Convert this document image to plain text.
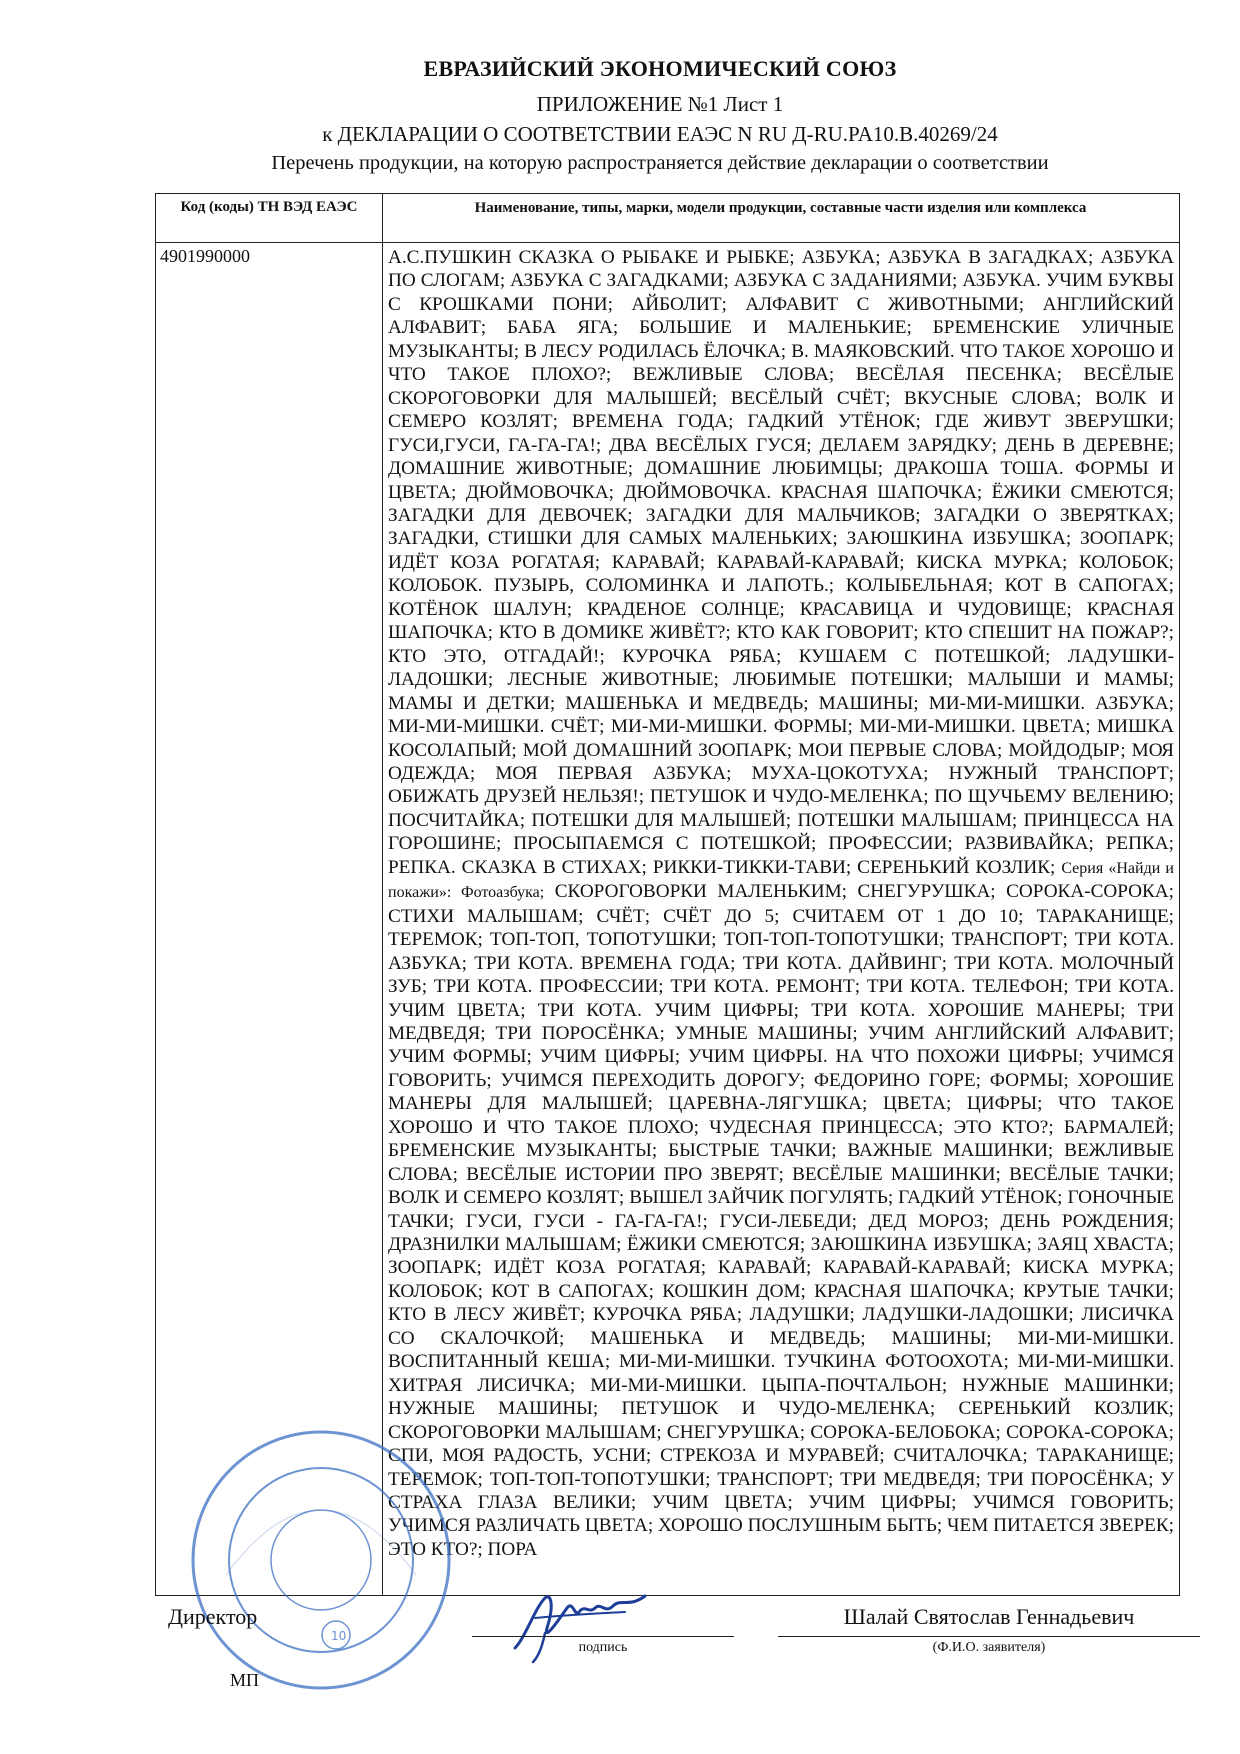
ЕВРАЗИЙСКИЙ ЭКОНОМИЧЕСКИЙ СОЮЗ
ПРИЛОЖЕНИЕ №1 Лист 1
к ДЕКЛАРАЦИИ О СООТВЕТСТВИИ ЕАЭС N RU Д-RU.PA10.B.40269/24
Перечень продукции, на которую распространяется действие декларации о соответствии
Код (коды) ТН ВЭД ЕАЭС	Наименование, типы, марки, модели продукции, составные части изделия или комплекса
4901990000	А.С.ПУШКИН СКАЗКА О РЫБАКЕ И РЫБКЕ; АЗБУКА; АЗБУКА В ЗАГАДКАХ; АЗБУКА ПО СЛОГАМ; АЗБУКА С ЗАГАДКАМИ; АЗБУКА С ЗАДАНИЯМИ; АЗБУКА. УЧИМ БУКВЫ С КРОШКАМИ ПОНИ; АЙБОЛИТ; АЛФАВИТ С ЖИВОТНЫМИ; АНГЛИЙСКИЙ АЛФАВИТ; БАБА ЯГА; БОЛЬШИЕ И МАЛЕНЬКИЕ; БРЕМЕНСКИЕ УЛИЧНЫЕ МУЗЫКАНТЫ; В ЛЕСУ РОДИЛАСЬ ЁЛОЧКА; В. МАЯКОВСКИЙ. ЧТО ТАКОЕ ХОРОШО И ЧТО ТАКОЕ ПЛОХО?; ВЕЖЛИВЫЕ СЛОВА; ВЕСЁЛАЯ ПЕСЕНКА; ВЕСЁЛЫЕ СКОРОГОВОРКИ ДЛЯ МАЛЫШЕЙ; ВЕСЁЛЫЙ СЧЁТ; ВКУСНЫЕ СЛОВА; ВОЛК И СЕМЕРО КОЗЛЯТ; ВРЕМЕНА ГОДА; ГАДКИЙ УТЁНОК; ГДЕ ЖИВУТ ЗВЕРУШКИ; ГУСИ,ГУСИ, ГА-ГА-ГА!; ДВА ВЕСЁЛЫХ ГУСЯ; ДЕЛАЕМ ЗАРЯДКУ; ДЕНЬ В ДЕРЕВНЕ; ДОМАШНИЕ ЖИВОТНЫЕ; ДОМАШНИЕ ЛЮБИМЦЫ; ДРАКОША ТОША. ФОРМЫ И ЦВЕТА; ДЮЙМОВОЧКА; ДЮЙМОВОЧКА. КРАСНАЯ ШАПОЧКА; ЁЖИКИ СМЕЮТСЯ; ЗАГАДКИ ДЛЯ ДЕВОЧЕК; ЗАГАДКИ ДЛЯ МАЛЬЧИКОВ; ЗАГАДКИ О ЗВЕРЯТКАХ; ЗАГАДКИ, СТИШКИ ДЛЯ САМЫХ МАЛЕНЬКИХ; ЗАЮШКИНА ИЗБУШКА; ЗООПАРК; ИДЁТ КОЗА РОГАТАЯ; КАРАВАЙ; КАРАВАЙ-КАРАВАЙ; КИСКА МУРКА; КОЛОБОК; КОЛОБОК. ПУЗЫРЬ, СОЛОМИНКА И ЛАПОТЬ.; КОЛЫБЕЛЬНАЯ; КОТ В САПОГАХ; КОТЁНОК ШАЛУН; КРАДЕНОЕ СОЛНЦЕ; КРАСАВИЦА И ЧУДОВИЩЕ; КРАСНАЯ ШАПОЧКА; КТО В ДОМИКЕ ЖИВЁТ?; КТО КАК ГОВОРИТ; КТО СПЕШИТ НА ПОЖАР?; КТО ЭТО, ОТГАДАЙ!; КУРОЧКА РЯБА; КУШАЕМ С ПОТЕШКОЙ; ЛАДУШКИ-ЛАДОШКИ; ЛЕСНЫЕ ЖИВОТНЫЕ; ЛЮБИМЫЕ ПОТЕШКИ; МАЛЫШИ И МАМЫ; МАМЫ И ДЕТКИ; МАШЕНЬКА И МЕДВЕДЬ; МАШИНЫ; МИ-МИ-МИШКИ. АЗБУКА; МИ-МИ-МИШКИ. СЧЁТ; МИ-МИ-МИШКИ. ФОРМЫ; МИ-МИ-МИШКИ. ЦВЕТА; МИШКА КОСОЛАПЫЙ; МОЙ ДОМАШНИЙ ЗООПАРК; МОИ ПЕРВЫЕ СЛОВА; МОЙДОДЫР; МОЯ ОДЕЖДА; МОЯ ПЕРВАЯ АЗБУКА; МУХА-ЦОКОТУХА; НУЖНЫЙ ТРАНСПОРТ; ОБИЖАТЬ ДРУЗЕЙ НЕЛЬЗЯ!; ПЕТУШОК И ЧУДО-МЕЛЕНКА; ПО ЩУЧЬЕМУ ВЕЛЕНИЮ; ПОСЧИТАЙКА; ПОТЕШКИ ДЛЯ МАЛЫШЕЙ; ПОТЕШКИ МАЛЫШАМ; ПРИНЦЕССА НА ГОРОШИНЕ; ПРОСЫПАЕМСЯ С ПОТЕШКОЙ; ПРОФЕССИИ; РАЗВИВАЙКА; РЕПКА; РЕПКА. СКАЗКА В СТИХАХ; РИККИ-ТИККИ-ТАВИ; СЕРЕНЬКИЙ КОЗЛИК; Серия «Найди и покажи»: Фотоазбука; СКОРОГОВОРКИ МАЛЕНЬКИМ; СНЕГУРУШКА; СОРОКА-СОРОКА; СТИХИ МАЛЫШАМ; СЧЁТ; СЧЁТ ДО 5; СЧИТАЕМ ОТ 1 ДО 10; ТАРАКАНИЩЕ; ТЕРЕМОК; ТОП-ТОП, ТОПОТУШКИ; ТОП-ТОП-ТОПОТУШКИ; ТРАНСПОРТ; ТРИ КОТА. АЗБУКА; ТРИ КОТА. ВРЕМЕНА ГОДА; ТРИ КОТА. ДАЙВИНГ; ТРИ КОТА. МОЛОЧНЫЙ ЗУБ; ТРИ КОТА. ПРОФЕССИИ; ТРИ КОТА. РЕМОНТ; ТРИ КОТА. ТЕЛЕФОН; ТРИ КОТА. УЧИМ ЦВЕТА; ТРИ КОТА. УЧИМ ЦИФРЫ; ТРИ КОТА. ХОРОШИЕ МАНЕРЫ; ТРИ МЕДВЕДЯ; ТРИ ПОРОСЁНКА; УМНЫЕ МАШИНЫ; УЧИМ АНГЛИЙСКИЙ АЛФАВИТ; УЧИМ ФОРМЫ; УЧИМ ЦИФРЫ; УЧИМ ЦИФРЫ. НА ЧТО ПОХОЖИ ЦИФРЫ; УЧИМСЯ ГОВОРИТЬ; УЧИМСЯ ПЕРЕХОДИТЬ ДОРОГУ; ФЕДОРИНО ГОРЕ; ФОРМЫ; ХОРОШИЕ МАНЕРЫ ДЛЯ МАЛЫШЕЙ; ЦАРЕВНА-ЛЯГУШКА; ЦВЕТА; ЦИФРЫ; ЧТО ТАКОЕ ХОРОШО И ЧТО ТАКОЕ ПЛОХО; ЧУДЕСНАЯ ПРИНЦЕССА; ЭТО КТО?; БАРМАЛЕЙ; БРЕМЕНСКИЕ МУЗЫКАНТЫ; БЫСТРЫЕ ТАЧКИ; ВАЖНЫЕ МАШИНКИ; ВЕЖЛИВЫЕ СЛОВА; ВЕСЁЛЫЕ ИСТОРИИ ПРО ЗВЕРЯТ; ВЕСЁЛЫЕ МАШИНКИ; ВЕСЁЛЫЕ ТАЧКИ; ВОЛК И СЕМЕРО КОЗЛЯТ; ВЫШЕЛ ЗАЙЧИК ПОГУЛЯТЬ; ГАДКИЙ УТЁНОК; ГОНОЧНЫЕ ТАЧКИ; ГУСИ, ГУСИ - ГА-ГА-ГА!; ГУСИ-ЛЕБЕДИ; ДЕД МОРОЗ; ДЕНЬ РОЖДЕНИЯ; ДРАЗНИЛКИ МАЛЫШАМ; ЁЖИКИ СМЕЮТСЯ; ЗАЮШКИНА ИЗБУШКА; ЗАЯЦ ХВАСТА; ЗООПАРК; ИДЁТ КОЗА РОГАТАЯ; КАРАВАЙ; КАРАВАЙ-КАРАВАЙ; КИСКА МУРКА; КОЛОБОК; КОТ В САПОГАХ; КОШКИН ДОМ; КРАСНАЯ ШАПОЧКА; КРУТЫЕ ТАЧКИ; КТО В ЛЕСУ ЖИВЁТ; КУРОЧКА РЯБА; ЛАДУШКИ; ЛАДУШКИ-ЛАДОШКИ; ЛИСИЧКА СО СКАЛОЧКОЙ; МАШЕНЬКА И МЕДВЕДЬ; МАШИНЫ; МИ-МИ-МИШКИ. ВОСПИТАННЫЙ КЕША; МИ-МИ-МИШКИ. ТУЧКИНА ФОТООХОТА; МИ-МИ-МИШКИ. ХИТРАЯ ЛИСИЧКА; МИ-МИ-МИШКИ. ЦЫПА-ПОЧТАЛЬОН; НУЖНЫЕ МАШИНКИ; НУЖНЫЕ МАШИНЫ; ПЕТУШОК И ЧУДО-МЕЛЕНКА; СЕРЕНЬКИЙ КОЗЛИК; СКОРОГОВОРКИ МАЛЫШАМ; СНЕГУРУШКА; СОРОКА-БЕЛОБОКА; СОРОКА-СОРОКА; СПИ, МОЯ РАДОСТЬ, УСНИ; СТРЕКОЗА И МУРАВЕЙ; СЧИТАЛОЧКА; ТАРАКАНИЩЕ; ТЕРЕМОК; ТОП-ТОП-ТОПОТУШКИ; ТРАНСПОРТ; ТРИ МЕДВЕДЯ; ТРИ ПОРОСЁНКА; У СТРАХА ГЛАЗА ВЕЛИКИ; УЧИМ ЦВЕТА; УЧИМ ЦИФРЫ; УЧИМСЯ ГОВОРИТЬ; УЧИМСЯ РАЗЛИЧАТЬ ЦВЕТА; ХОРОШО ПОСЛУШНЫМ БЫТЬ; ЧЕМ ПИТАЕТСЯ ЗВЕРЕК; ЭТО КТО?; ПОРА
10
Директор
МП
подпись
Шалай Святослав Геннадьевич
(Ф.И.О. заявителя)
